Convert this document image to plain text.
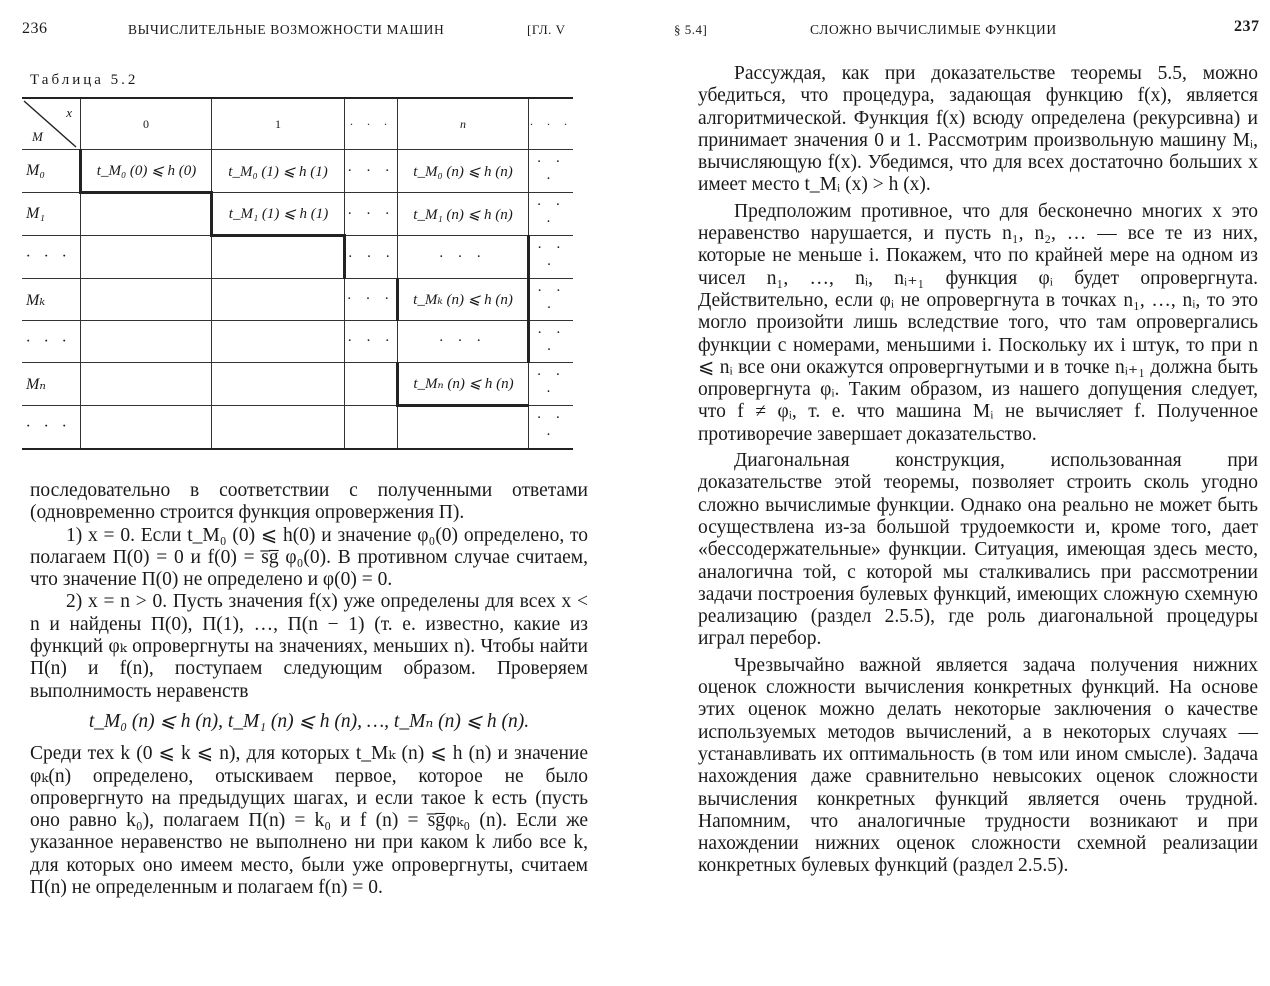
236	ВЫЧИСЛИТЕЛЬНЫЕ ВОЗМОЖНОСТИ МАШИН	[ГЛ. V
Таблица 5.2
x
M	0	1	· · ·	n	· · ·
M₀	t_M₀ (0) ⩽ h (0)	t_M₀ (1) ⩽ h (1)	· · ·	t_M₀ (n) ⩽ h (n)	· · ·
M₁		t_M₁ (1) ⩽ h (1)	· · ·	t_M₁ (n) ⩽ h (n)	· · ·
· · ·			· · ·	· · ·	· · ·
Mₖ			· · ·	t_Mₖ (n) ⩽ h (n)	· · ·
· · ·			· · ·	· · ·	· · ·
Mₙ				t_Mₙ (n) ⩽ h (n)	· · ·
· · ·					· · ·

последовательно в соответствии с полученными ответами (одновременно строится функция опровержения Π).

1) x = 0. Если t_M₀ (0) ⩽ h(0) и значение φ₀(0) определено, то полагаем Π(0) = 0 и f(0) = s̅g̅ φ₀(0). В противном случае считаем, что значение Π(0) не определено и φ(0) = 0.

2) x = n > 0. Пусть значения f(x) уже определены для всех x < n и найдены Π(0), Π(1), …, Π(n − 1) (т. е. известно, какие из функций φₖ опровергнуты на значениях, меньших n). Чтобы найти Π(n) и f(n), поступаем следующим образом. Проверяем выполнимость неравенств

t_M₀ (n) ⩽ h (n), t_M₁ (n) ⩽ h (n), …, t_Mₙ (n) ⩽ h (n).

Среди тех k (0 ⩽ k ⩽ n), для которых t_Mₖ (n) ⩽ h (n) и значение φₖ(n) определено, отыскиваем первое, которое не было опровергнуто на предыдущих шагах, и если такое k есть (пусть оно равно k₀), полагаем Π(n) = k₀ и f (n) = s̅g̅φₖ₀ (n). Если же указанное неравенство не выполнено ни при каком k либо все k, для которых оно имеем место, были уже опровергнуты, считаем Π(n) не определенным и полагаем f(n) = 0.

§ 5.4]	СЛОЖНО ВЫЧИСЛИМЫЕ ФУНКЦИИ	237

Рассуждая, как при доказательстве теоремы 5.5, можно убедиться, что процедура, задающая функцию f(x), является алгоритмической. Функция f(x) всюду определена (рекурсивна) и принимает значения 0 и 1. Рассмотрим произвольную машину Mᵢ, вычисляющую f(x). Убедимся, что для всех достаточно больших x имеет место t_Mᵢ (x) > h (x).

Предположим противное, что для бесконечно многих x это неравенство нарушается, и пусть n₁, n₂, … — все те из них, которые не меньше i. Покажем, что по крайней мере на одном из чисел n₁, …, nᵢ, nᵢ₊₁ функция φᵢ будет опровергнута. Действительно, если φᵢ не опровергнута в точках n₁, …, nᵢ, то это могло произойти лишь вследствие того, что там опровергались функции с номерами, меньшими i. Поскольку их i штук, то при n ⩽ nᵢ все они окажутся опровергнутыми и в точке nᵢ₊₁ должна быть опровергнута φᵢ. Таким образом, из нашего допущения следует, что f ≠ φᵢ, т. е. что машина Mᵢ не вычисляет f. Полученное противоречие завершает доказательство.

Диагональная конструкция, использованная при доказательстве этой теоремы, позволяет строить сколь угодно сложно вычислимые функции. Однако она реально не может быть осуществлена из-за большой трудоемкости и, кроме того, дает «бессодержательные» функции. Ситуация, имеющая здесь место, аналогична той, с которой мы сталкивались при рассмотрении задачи построения булевых функций, имеющих сложную схемную реализацию (раздел 2.5.5), где роль диагональной процедуры играл перебор.

Чрезвычайно важной является задача получения нижних оценок сложности вычисления конкретных функций. На основе этих оценок можно делать некоторые заключения о качестве используемых методов вычислений, а в некоторых случаях — устанавливать их оптимальность (в том или ином смысле). Задача нахождения даже сравнительно невысоких оценок сложности вычисления конкретных функций является очень трудной. Напомним, что аналогичные трудности возникают и при нахождении нижних оценок сложности схемной реализации конкретных булевых функций (раздел 2.5.5).
